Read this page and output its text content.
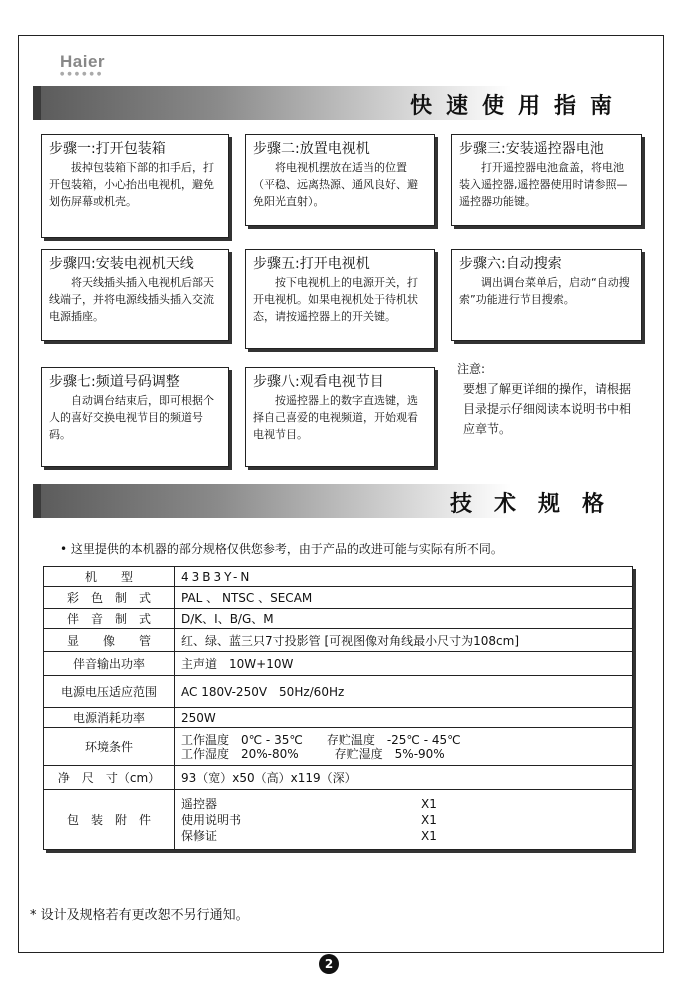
Haier
●●●●●●
快速使用指南
步骤一:打开包装箱
拔掉包装箱下部的扣手后，打开包装箱，小心抬出电视机，避免划伤屏幕或机壳。
步骤二:放置电视机
将电视机摆放在适当的位置（平稳、远离热源、通风良好、避免阳光直射）。
步骤三:安装遥控器电池
打开遥控器电池盒盖，将电池装入遥控器,遥控器使用时请参照—遥控器功能键。
步骤四:安装电视机天线
将天线插头插入电视机后部天线端子，并将电源线插头插入交流电源插座。
步骤五:打开电视机
按下电视机上的电源开关，打开电视机。如果电视机处于待机状态，请按遥控器上的开关键。
步骤六:自动搜索
调出调台菜单后，启动“自动搜索”功能进行节目搜索。
步骤七:频道号码调整
自动调台结束后，即可根据个人的喜好交换电视节目的频道号码。
步骤八:观看电视节目
按遥控器上的数字直选键，选择自己喜爱的电视频道，开始观看电视节目。
注意:
要想了解更详细的操作，请根据目录提示仔细阅读本说明书中相应章节。
技术规格
• 这里提供的本机器的部分规格仅供您参考，由于产品的改进可能与实际有所不同。
机　　型	43B3Y-N
彩　色　制　式	PAL 、 NTSC 、SECAM
伴　音　制　式	D/K、I、B/G、M
显　　像　　管	红、绿、蓝三只7寸投影管 [可视图像对角线最小尺寸为108cm]
伴音输出功率	主声道　10W+10W
电源电压适应范围	AC 180V-250V　50Hz/60Hz
电源消耗功率	250W
环境条件	工作温度　0℃ - 35℃　　存贮温度　-25℃ - 45℃
工作湿度　20%-80%　　　存贮湿度　5%-90%

净　尺　寸（cm）	93（宽）x50（高）x119（深）
包　装　附　件	遥控器 X1
使用说明书 X1
保修证 X1
* 设计及规格若有更改恕不另行通知。
2
